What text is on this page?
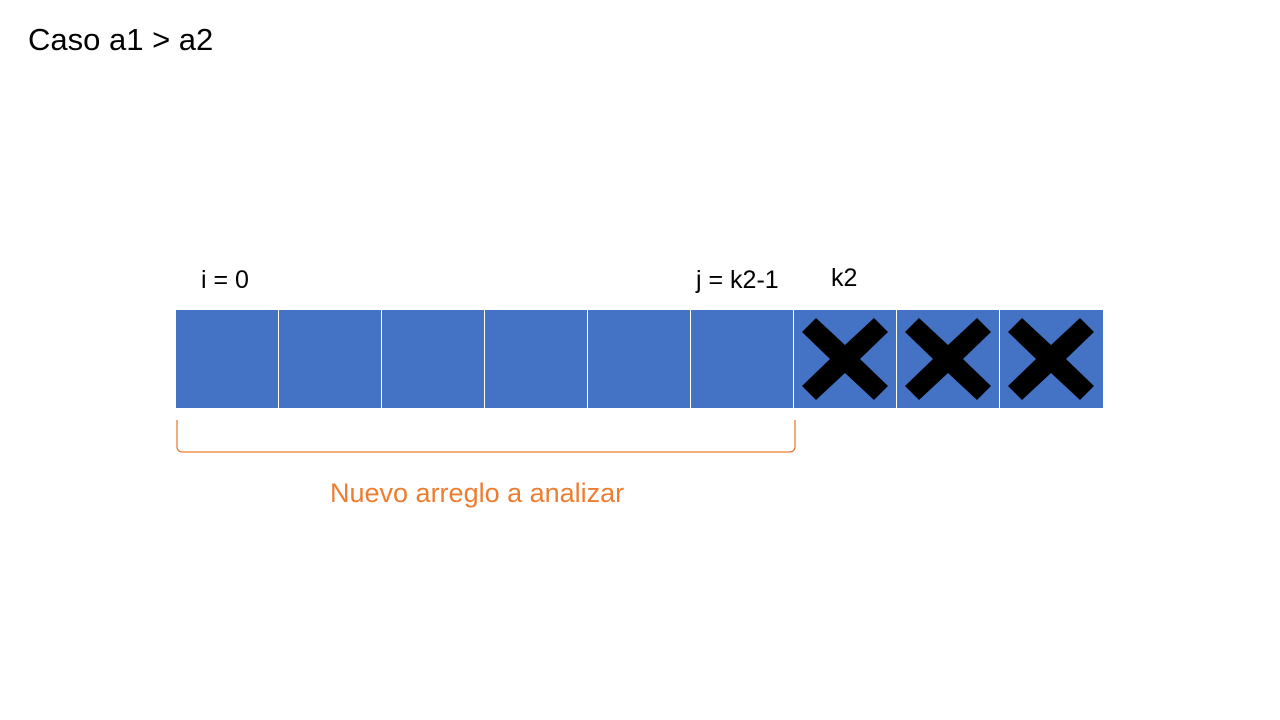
Caso a1 > a2
i = 0	j = k2-1 k2
Nuevo arreglo a analizar
